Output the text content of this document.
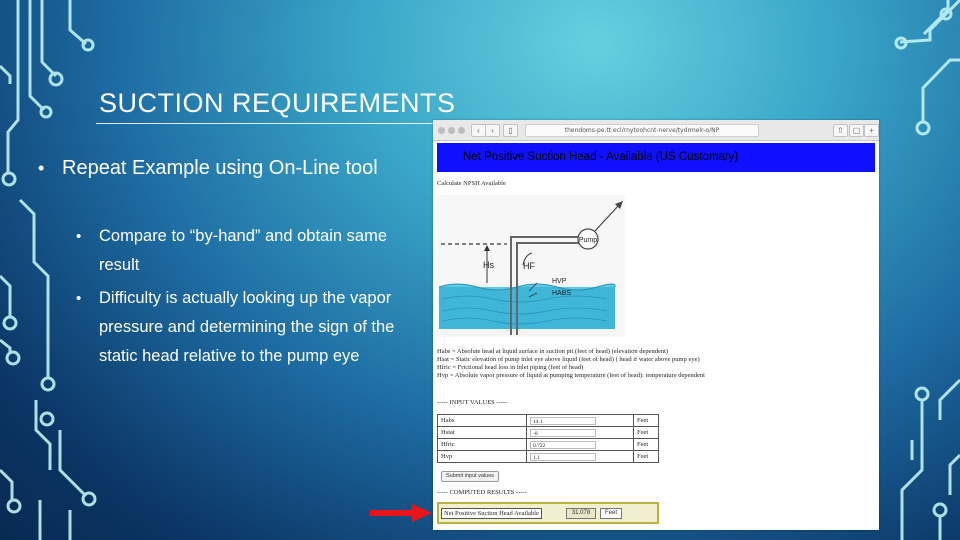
SUCTION REQUIREMENTS
• Repeat Example using On-Line tool
• Compare to “by-hand” and obtain same result
• Difficulty is actually looking up the vapor pressure and determining the sign of the static head relative to the pump eye
‹	›	▯	thendoms-pe.tt.ecl/rnytoohcnt-nerve/tydrmelr-o/NP	⇧	▢	+
Net Positive Suction Head - Available (US Customary)
Calculate NPSH Available
Pump
Hs	HF
HVP
HABS
Habs = Absolute head at liquid surface in suction pit (feet of head) (elevation dependent)
Hsat = Static elevation of pump inlet eye above liquid (feet of head) ( head if water above pump eye)
Hfric = Frictional head loss in inlet piping (feet of head)
Hvp = Absolute vapor pressure of liquid at pumping temperature (feet of head): temperature dependent
----- INPUT VALUES -----
Habs	14.1	Feet
Hstat	-8	Feet
Hfric	0.722	Feet
Hvp	1.1	Feet
Submit input values
----- COMPUTED RESULTS -----
Net Positive Suction Head Available	31.078	Feet
